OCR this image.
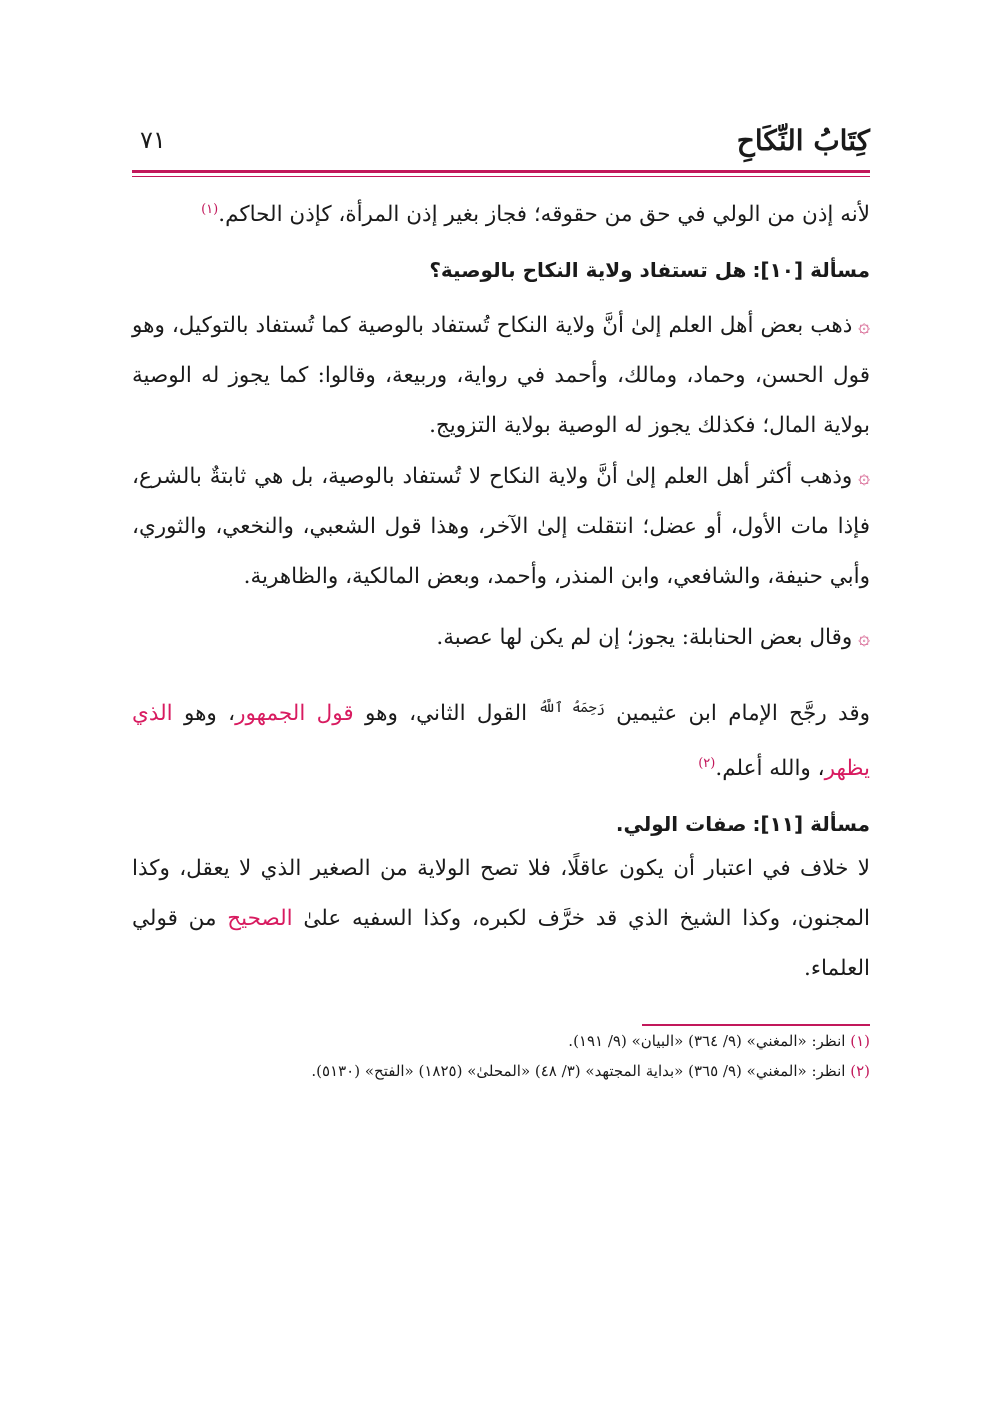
كِتَابُ النِّكَاحِ
٧١

لأنه إذن من الولي في حق من حقوقه؛ فجاز بغير إذن المرأة، كإذن الحاكم.$^{(١)}$

مسألة [١٠]:هل تستفاد ولاية النكاح بالوصية؟

۞ذهب بعض أهل العلم إلىٰ أنَّ ولاية النكاح تُستفاد بالوصية كما تُستفاد بالتوكيل، وهو قول الحسن، وحماد، ومالك، وأحمد في رواية، وربيعة، وقالوا: كما يجوز له الوصية بولاية المال؛ فكذلك يجوز له الوصية بولاية التزويج.

۞وذهب أكثر أهل العلم إلىٰ أنَّ ولاية النكاح لا تُستفاد بالوصية، بل هي ثابتةٌ بالشرع، فإذا مات الأول، أو عضل؛ انتقلت إلىٰ الآخر، وهذا قول الشعبي، والنخعي، والثوري، وأبي حنيفة، والشافعي، وابن المنذر، وأحمد، وبعض المالكية، والظاهرية.

۞وقال بعض الحنابلة: يجوز؛ إن لم يكن لها عصبة.

وقد رجَّح الإمام ابن عثيمين $^{رَحِمَهُ ٱللَّهُ}$ القول الثاني، وهو قول الجمهور، وهو الذي يظهر، والله أعلم.$^{(٢)}$

مسألة [١١]:صفات الولي.

لا خلاف في اعتبار أن يكون عاقلًا، فلا تصح الولاية من الصغير الذي لا يعقل، وكذا المجنون، وكذا الشيخ الذي قد خرَّف لكبره، وكذا السفيه علىٰ الصحيح من قولي العلماء.

(١) انظر: «المغني» (٩/ ٣٦٤) «البيان» (٩/ ١٩١).

(٢) انظر: «المغني» (٩/ ٣٦٥) «بداية المجتهد» (٣/ ٤٨) «المحلىٰ» (١٨٢٥) «الفتح» (٥١٣٠).
